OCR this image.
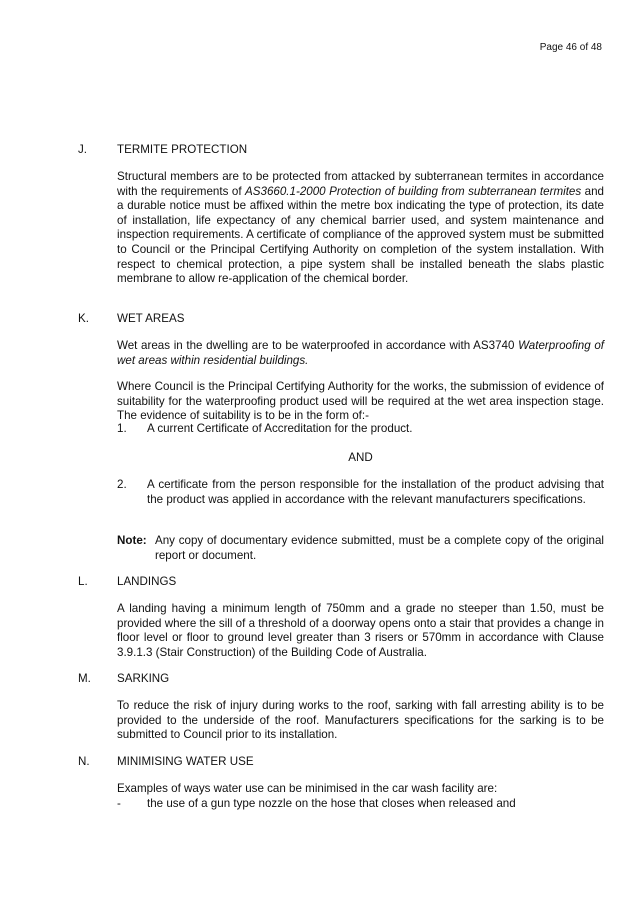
Page 46 of 48
J.	TERMITE PROTECTION

Structural members are to be protected from attacked by subterranean termites in accordance with the requirements of AS3660.1-2000 Protection of building from subterranean termites and a durable notice must be affixed within the metre box indicating the type of protection, its date of installation, life expectancy of any chemical barrier used, and system maintenance and inspection requirements. A certificate of compliance of the approved system must be submitted to Council or the Principal Certifying Authority on completion of the system installation. With respect to chemical protection, a pipe system shall be installed beneath the slabs plastic membrane to allow re-application of the chemical border.

K.	WET AREAS

Wet areas in the dwelling are to be waterproofed in accordance with AS3740 Waterproofing of wet areas within residential buildings.

Where Council is the Principal Certifying Authority for the works, the submission of evidence of suitability for the waterproofing product used will be required at the wet area inspection stage. The evidence of suitability is to be in the form of:-

1.	A current Certificate of Accreditation for the product.
AND
2.	A certificate from the person responsible for the installation of the product advising that the product was applied in accordance with the relevant manufacturers specifications.
Note: Any copy of documentary evidence submitted, must be a complete copy of the original report or document.
L.	LANDINGS

A landing having a minimum length of 750mm and a grade no steeper than 1.50, must be provided where the sill of a threshold of a doorway opens onto a stair that provides a change in floor level or floor to ground level greater than 3 risers or 570mm in accordance with Clause 3.9.1.3 (Stair Construction) of the Building Code of Australia.

M.	SARKING

To reduce the risk of injury during works to the roof, sarking with fall arresting ability is to be provided to the underside of the roof. Manufacturers specifications for the sarking is to be submitted to Council prior to its installation.

N.	MINIMISING WATER USE

Examples of ways water use can be minimised in the car wash facility are:

-	the use of a gun type nozzle on the hose that closes when released and
